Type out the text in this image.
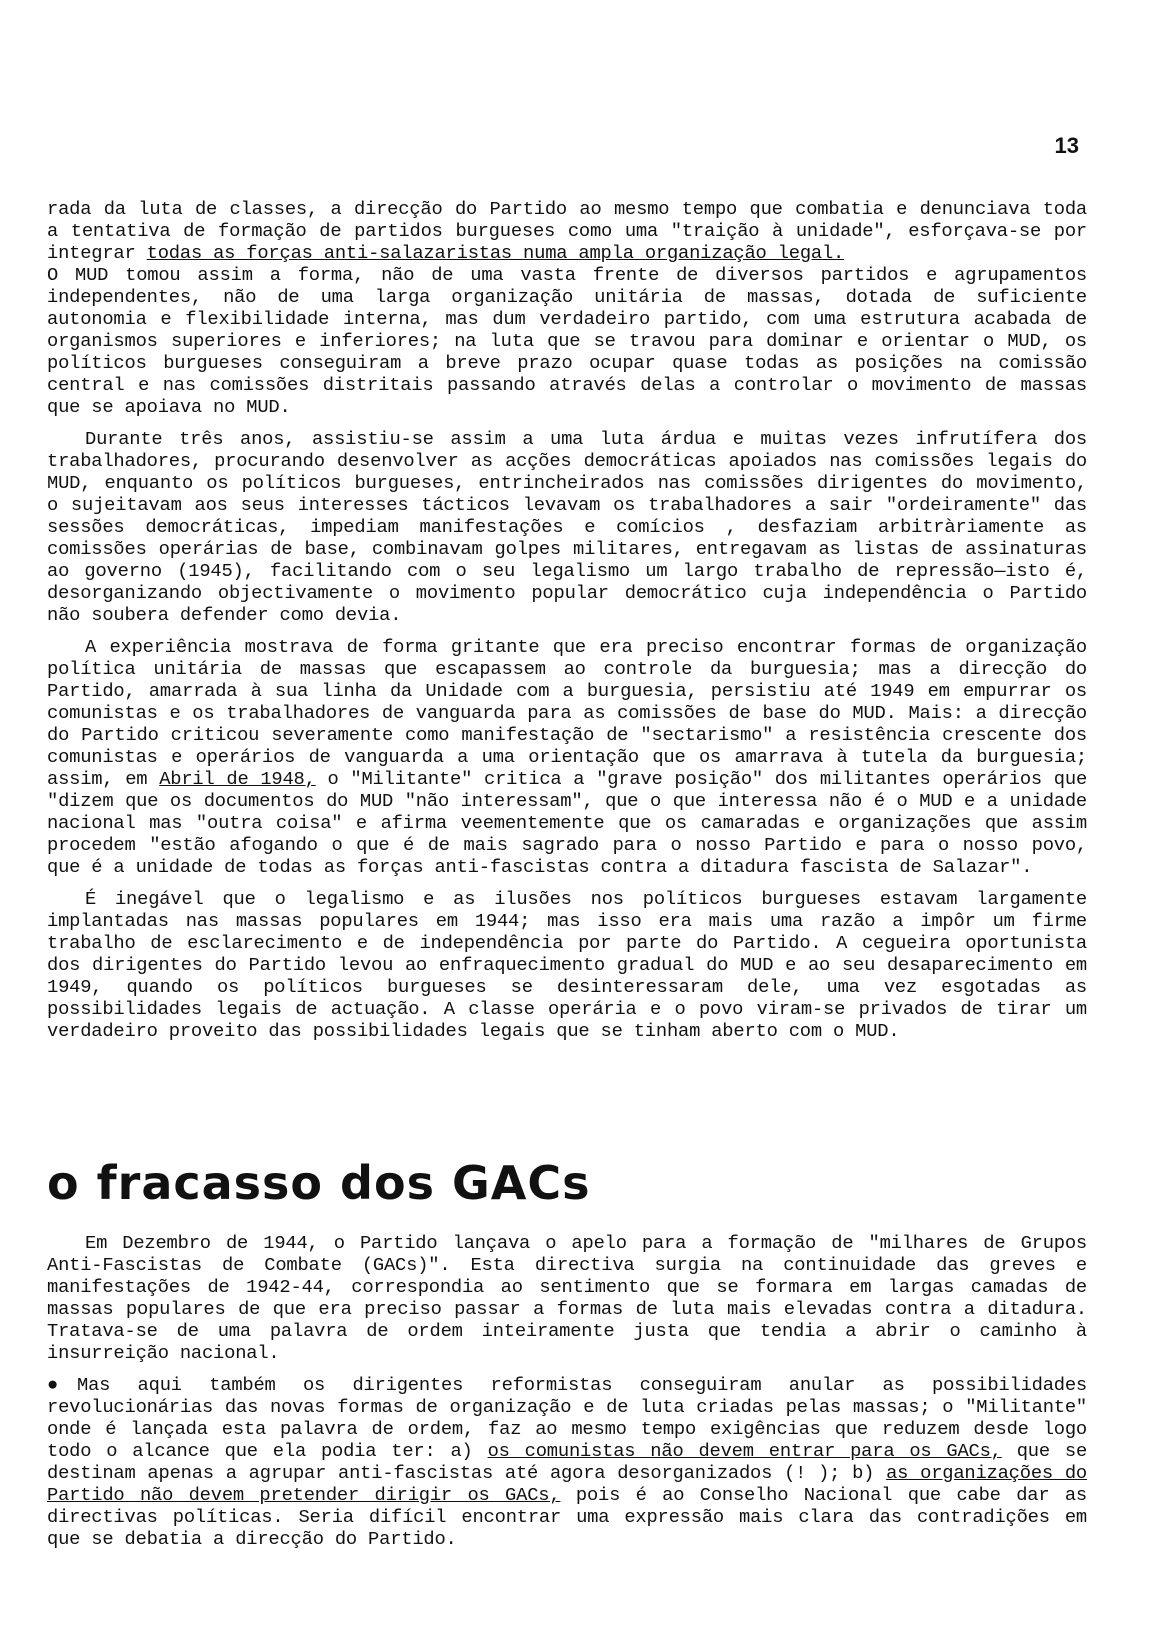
13

rada da luta de classes, a direcção do Partido ao mesmo tempo que combatia e denunciava toda a tentativa de formação de partidos burgueses como uma "traição à unidade", esforçava-se por integrar todas as forças anti-salazaristas numa ampla organização legal.

O MUD tomou assim a forma, não de uma vasta frente de diversos partidos e agrupamentos independentes, não de uma larga organização unitária de massas, dotada de suficiente autonomia e flexibilidade interna, mas dum verdadeiro partido, com uma estrutura acabada de organismos superiores e inferiores; na luta que se travou para dominar e orientar o MUD, os políticos burgueses conseguiram a breve prazo ocupar quase todas as posições na comissão central e nas comissões distritais passando através delas a controlar o movimento de massas que se apoiava no MUD.

Durante três anos, assistiu-se assim a uma luta árdua e muitas vezes infrutífera dos trabalhadores, procurando desenvolver as acções democráticas apoiados nas comissões legais do MUD, enquanto os políticos burgueses, entrincheirados nas comissões dirigentes do movimento, o sujeitavam aos seus interesses tácticos levavam os trabalhadores a sair "ordeiramente" das sessões democráticas, impediam manifestações e comícios , desfaziam arbitràriamente as comissões operárias de base, combinavam golpes militares, entregavam as listas de assinaturas ao governo (1945), facilitando com o seu legalismo um largo trabalho de repressão—isto é, desorganizando objectivamente o movimento popular democrático cuja independência o Partido não soubera defender como devia.

A experiência mostrava de forma gritante que era preciso encontrar formas de organização política unitária de massas que escapassem ao controle da burguesia; mas a direcção do Partido, amarrada à sua linha da Unidade com a burguesia, persistiu até 1949 em empurrar os comunistas e os trabalhadores de vanguarda para as comissões de base do MUD. Mais: a direcção do Partido criticou severamente como manifestação de "sectarismo" a resistência crescente dos comunistas e operários de vanguarda a uma orientação que os amarrava à tutela da burguesia; assim, em Abril de 1948, o "Militante" critica a "grave posição" dos militantes operários que "dizem que os documentos do MUD "não interessam", que o que interessa não é o MUD e a unidade nacional mas "outra coisa" e afirma veementemente que os camaradas e organizações que assim procedem "estão afogando o que é de mais sagrado para o nosso Partido e para o nosso povo, que é a unidade de todas as forças anti-fascistas contra a ditadura fascista de Salazar".

É inegável que o legalismo e as ilusões nos políticos burgueses estavam largamente implantadas nas massas populares em 1944; mas isso era mais uma razão a impôr um firme trabalho de esclarecimento e de independência por parte do Partido. A cegueira oportunista dos dirigentes do Partido levou ao enfraquecimento gradual do MUD e ao seu desaparecimento em 1949, quando os políticos burgueses se desinteressaram dele, uma vez esgotadas as possibilidades legais de actuação. A classe operária e o povo viram-se privados de tirar um verdadeiro proveito das possibilidades legais que se tinham aberto com o MUD.

o fracasso dos GACs

Em Dezembro de 1944, o Partido lançava o apelo para a formação de "milhares de Grupos Anti-Fascistas de Combate (GACs)". Esta directiva surgia na continuidade das greves e manifestações de 1942-44, correspondia ao sentimento que se formara em largas camadas de massas populares de que era preciso passar a formas de luta mais elevadas contra a ditadura. Tratava-se de uma palavra de ordem inteiramente justa que tendia a abrir o caminho à insurreição nacional.

● Mas aqui também os dirigentes reformistas conseguiram anular as possibilidades revolucionárias das novas formas de organização e de luta criadas pelas massas; o "Militante" onde é lançada esta palavra de ordem, faz ao mesmo tempo exigências que reduzem desde logo todo o alcance que ela podia ter: a) os comunistas não devem entrar para os GACs, que se destinam apenas a agrupar anti-fascistas até agora desorganizados (! ); b) as organizações do Partido não devem pretender dirigir os GACs, pois é ao Conselho Nacional que cabe dar as directivas políticas. Seria difícil encontrar uma expressão mais clara das contradições em que se debatia a direcção do Partido.
